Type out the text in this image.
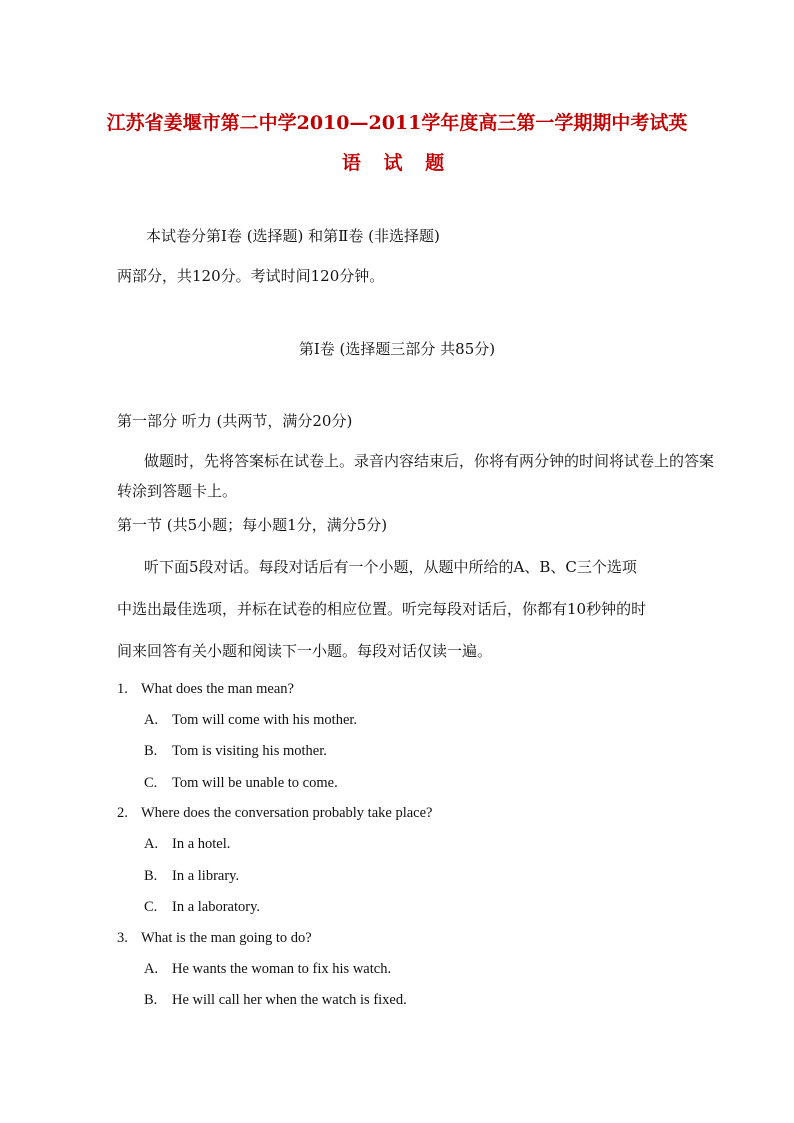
江苏省姜堰市第二中学2010—2011学年度高三第一学期期中考试英
语 试 题
本试卷分第Ⅰ卷 (选择题) 和第Ⅱ卷 (非选择题)
两部分，共120分。考试时间120分钟。
第Ⅰ卷 (选择题三部分 共85分)
第一部分 听力 (共两节，满分20分)
做题时，先将答案标在试卷上。录音内容结束后，你将有两分钟的时间将试卷上的答案
转涂到答题卡上。
第一节 (共5小题；每小题1分，满分5分)
听下面5段对话。每段对话后有一个小题，从题中所给的A、B、C三个选项
中选出最佳选项，并标在试卷的相应位置。听完每段对话后，你都有10秒钟的时
间来回答有关小题和阅读下一小题。每段对话仅读一遍。
1. What does the man mean?
A. Tom will come with his mother.
B. Tom is visiting his mother.
C. Tom will be unable to come.
2. Where does the conversation probably take place?
A. In a hotel.
B. In a library.
C. In a laboratory.
3. What is the man going to do?
A. He wants the woman to fix his watch.
B. He will call her when the watch is fixed.
